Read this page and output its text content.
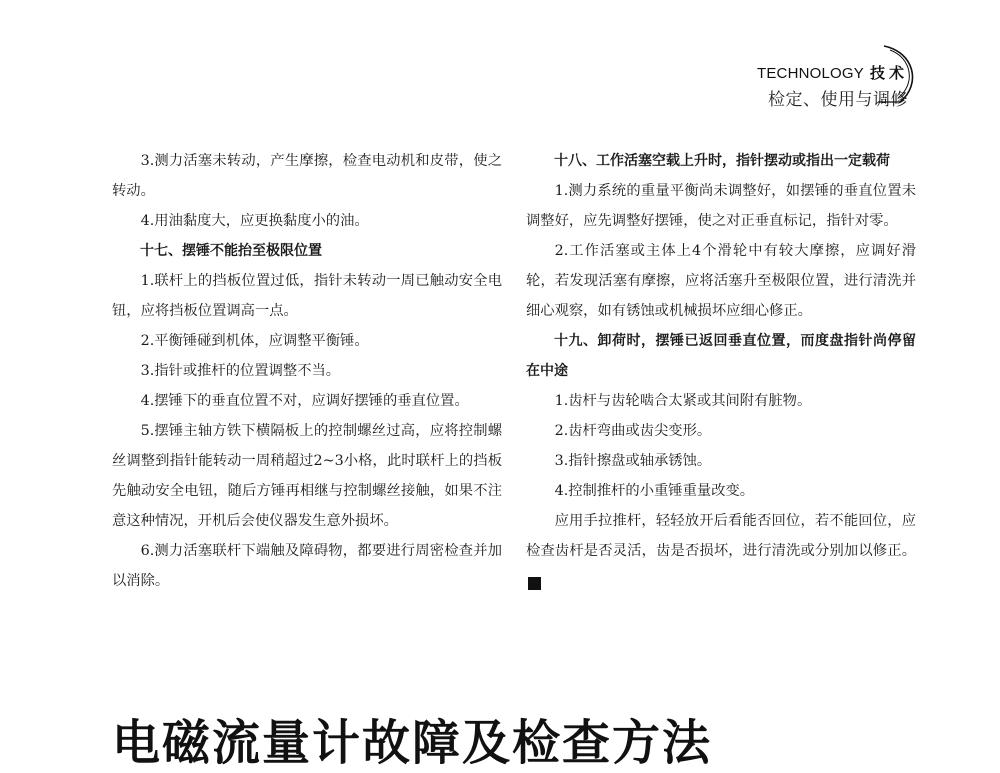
TECHNOLOGY 技术
检定、使用与调修

3.测力活塞未转动，产生摩擦，检查电动机和皮带，使之转动。

4.用油黏度大，应更换黏度小的油。

十七、摆锤不能抬至极限位置

1.联杆上的挡板位置过低，指针未转动一周已触动安全电钮，应将挡板位置调高一点。

2.平衡锤碰到机体，应调整平衡锤。

3.指针或推杆的位置调整不当。

4.摆锤下的垂直位置不对，应调好摆锤的垂直位置。

5.摆锤主轴方铁下横隔板上的控制螺丝过高，应将控制螺丝调整到指针能转动一周稍超过2~3小格，此时联杆上的挡板先触动安全电钮，随后方锤再相继与控制螺丝接触，如果不注意这种情况，开机后会使仪器发生意外损坏。

6.测力活塞联杆下端触及障碍物，都要进行周密检查并加以消除。

十八、工作活塞空载上升时，指针摆动或指出一定载荷

1.测力系统的重量平衡尚未调整好，如摆锤的垂直位置未调整好，应先调整好摆锤，使之对正垂直标记，指针对零。

2.工作活塞或主体上4个滑轮中有较大摩擦，应调好滑轮，若发现活塞有摩擦，应将活塞升至极限位置，进行清洗并细心观察，如有锈蚀或机械损坏应细心修正。

十九、卸荷时，摆锤已返回垂直位置，而度盘指针尚停留在中途

1.齿杆与齿轮啮合太紧或其间附有脏物。

2.齿杆弯曲或齿尖变形。

3.指针擦盘或轴承锈蚀。

4.控制推杆的小重锤重量改变。

应用手拉推杆，轻轻放开后看能否回位，若不能回位，应检查齿杆是否灵活，齿是否损坏，进行清洗或分别加以修正。计

电磁流量计故障及检查方法
